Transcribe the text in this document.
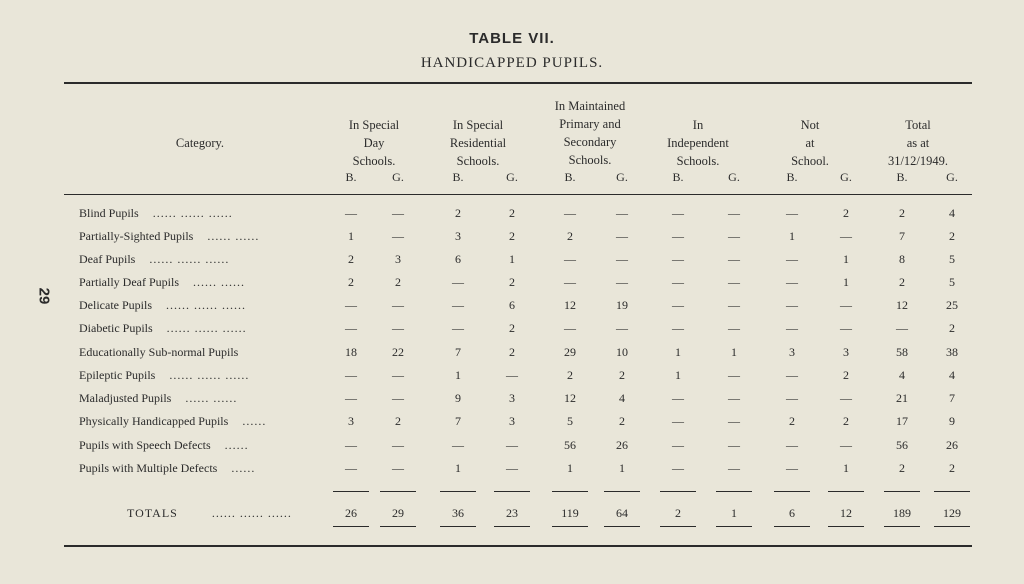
29
TABLE VII.
HANDICAPPED PUPILS.
Category.
In Special
Day
Schools.
In Special
Residential
Schools.
In Maintained
Primary and
Secondary
Schools.
In
Independent
Schools.
Not
at
School.
Total
as at
31/12/1949.
B.	G.	B.	G.	B.	G.	B.	G.	B.	G.	B.	G.
Blind Pupils ...... ...... ......	—	—	2	2	—	—	—	—	—	2	2	4
Partially-Sighted Pupils ...... ......	1	—	3	2	2	—	—	—	1	—	7	2
Deaf Pupils ...... ...... ......	2	3	6	1	—	—	—	—	—	1	8	5
Partially Deaf Pupils ...... ......	2	2	—	2	—	—	—	—	—	1	2	5
Delicate Pupils ...... ...... ......	—	—	—	6	12	19	—	—	—	—	12	25
Diabetic Pupils ...... ...... ......	—	—	—	2	—	—	—	—	—	—	—	2
Educationally Sub-normal Pupils	18	22	7	2	29	10	1	1	3	3	58	38
Epileptic Pupils ...... ...... ......	—	—	1	—	2	2	1	—	—	2	4	4
Maladjusted Pupils ...... ......	—	—	9	3	12	4	—	—	—	—	21	7
Physically Handicapped Pupils ......	3	2	7	3	5	2	—	—	2	2	17	9
Pupils with Speech Defects ......	—	—	—	—	56	26	—	—	—	—	56	26
Pupils with Multiple Defects ......	—	—	1	—	1	1	—	—	—	1	2	2
TOTALS	...... ...... ......	26	29	36	23	119	64	2	1	6	12	189	129
